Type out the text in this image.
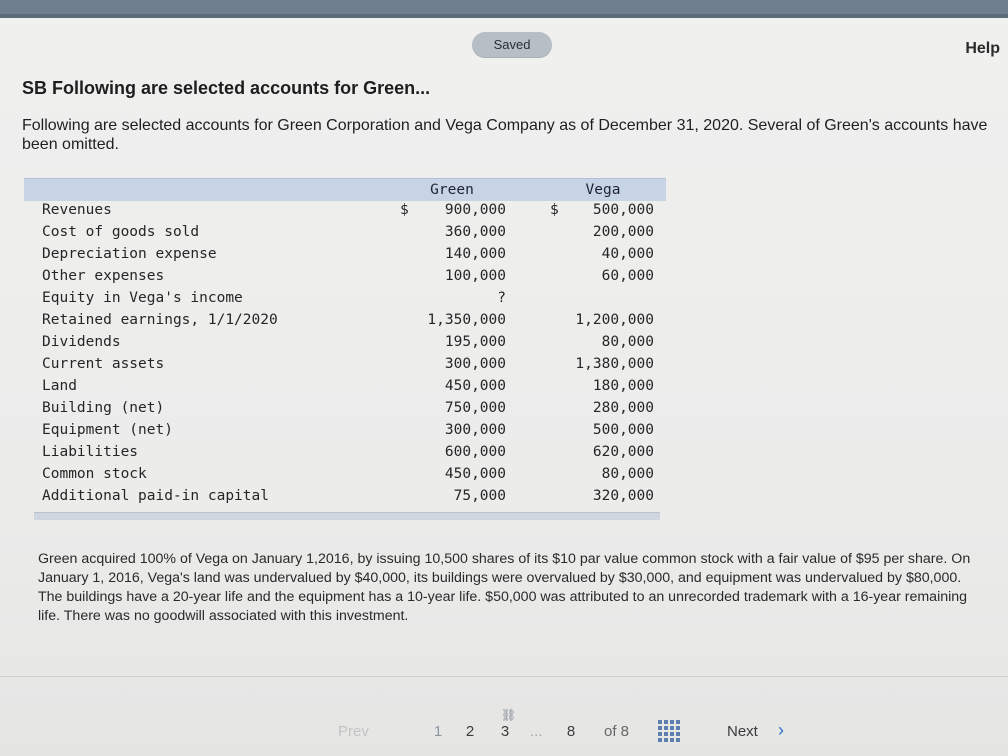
Saved	Help
SB Following are selected accounts for Green...
Following are selected accounts for Green Corporation and Vega Company as of December 31, 2020. Several of Green's accounts have been omitted.
Green	Vega
Revenues	$ 900,000	$ 500,000
Cost of goods sold	360,000	200,000
Depreciation expense	140,000	40,000
Other expenses	100,000	60,000
Equity in Vega's income	?
Retained earnings, 1/1/2020	1,350,000	1,200,000
Dividends	195,000	80,000
Current assets	300,000	1,380,000
Land	450,000	180,000
Building (net)	750,000	280,000
Equipment (net)	300,000	500,000
Liabilities	600,000	620,000
Common stock	450,000	80,000
Additional paid-in capital	75,000	320,000
Green acquired 100% of Vega on January 1,2016, by issuing 10,500 shares of its $10 par value common stock with a fair value of $95 per share. On January 1, 2016, Vega's land was undervalued by $40,000, its buildings were overvalued by $30,000, and equipment was undervalued by $80,000. The buildings have a 20-year life and the equipment has a 10-year life. $50,000 was attributed to an unrecorded trademark with a 16-year remaining life. There was no goodwill associated with this investment.
Prev	1 2
⛓
3 ... 8 of 8	Next ›
